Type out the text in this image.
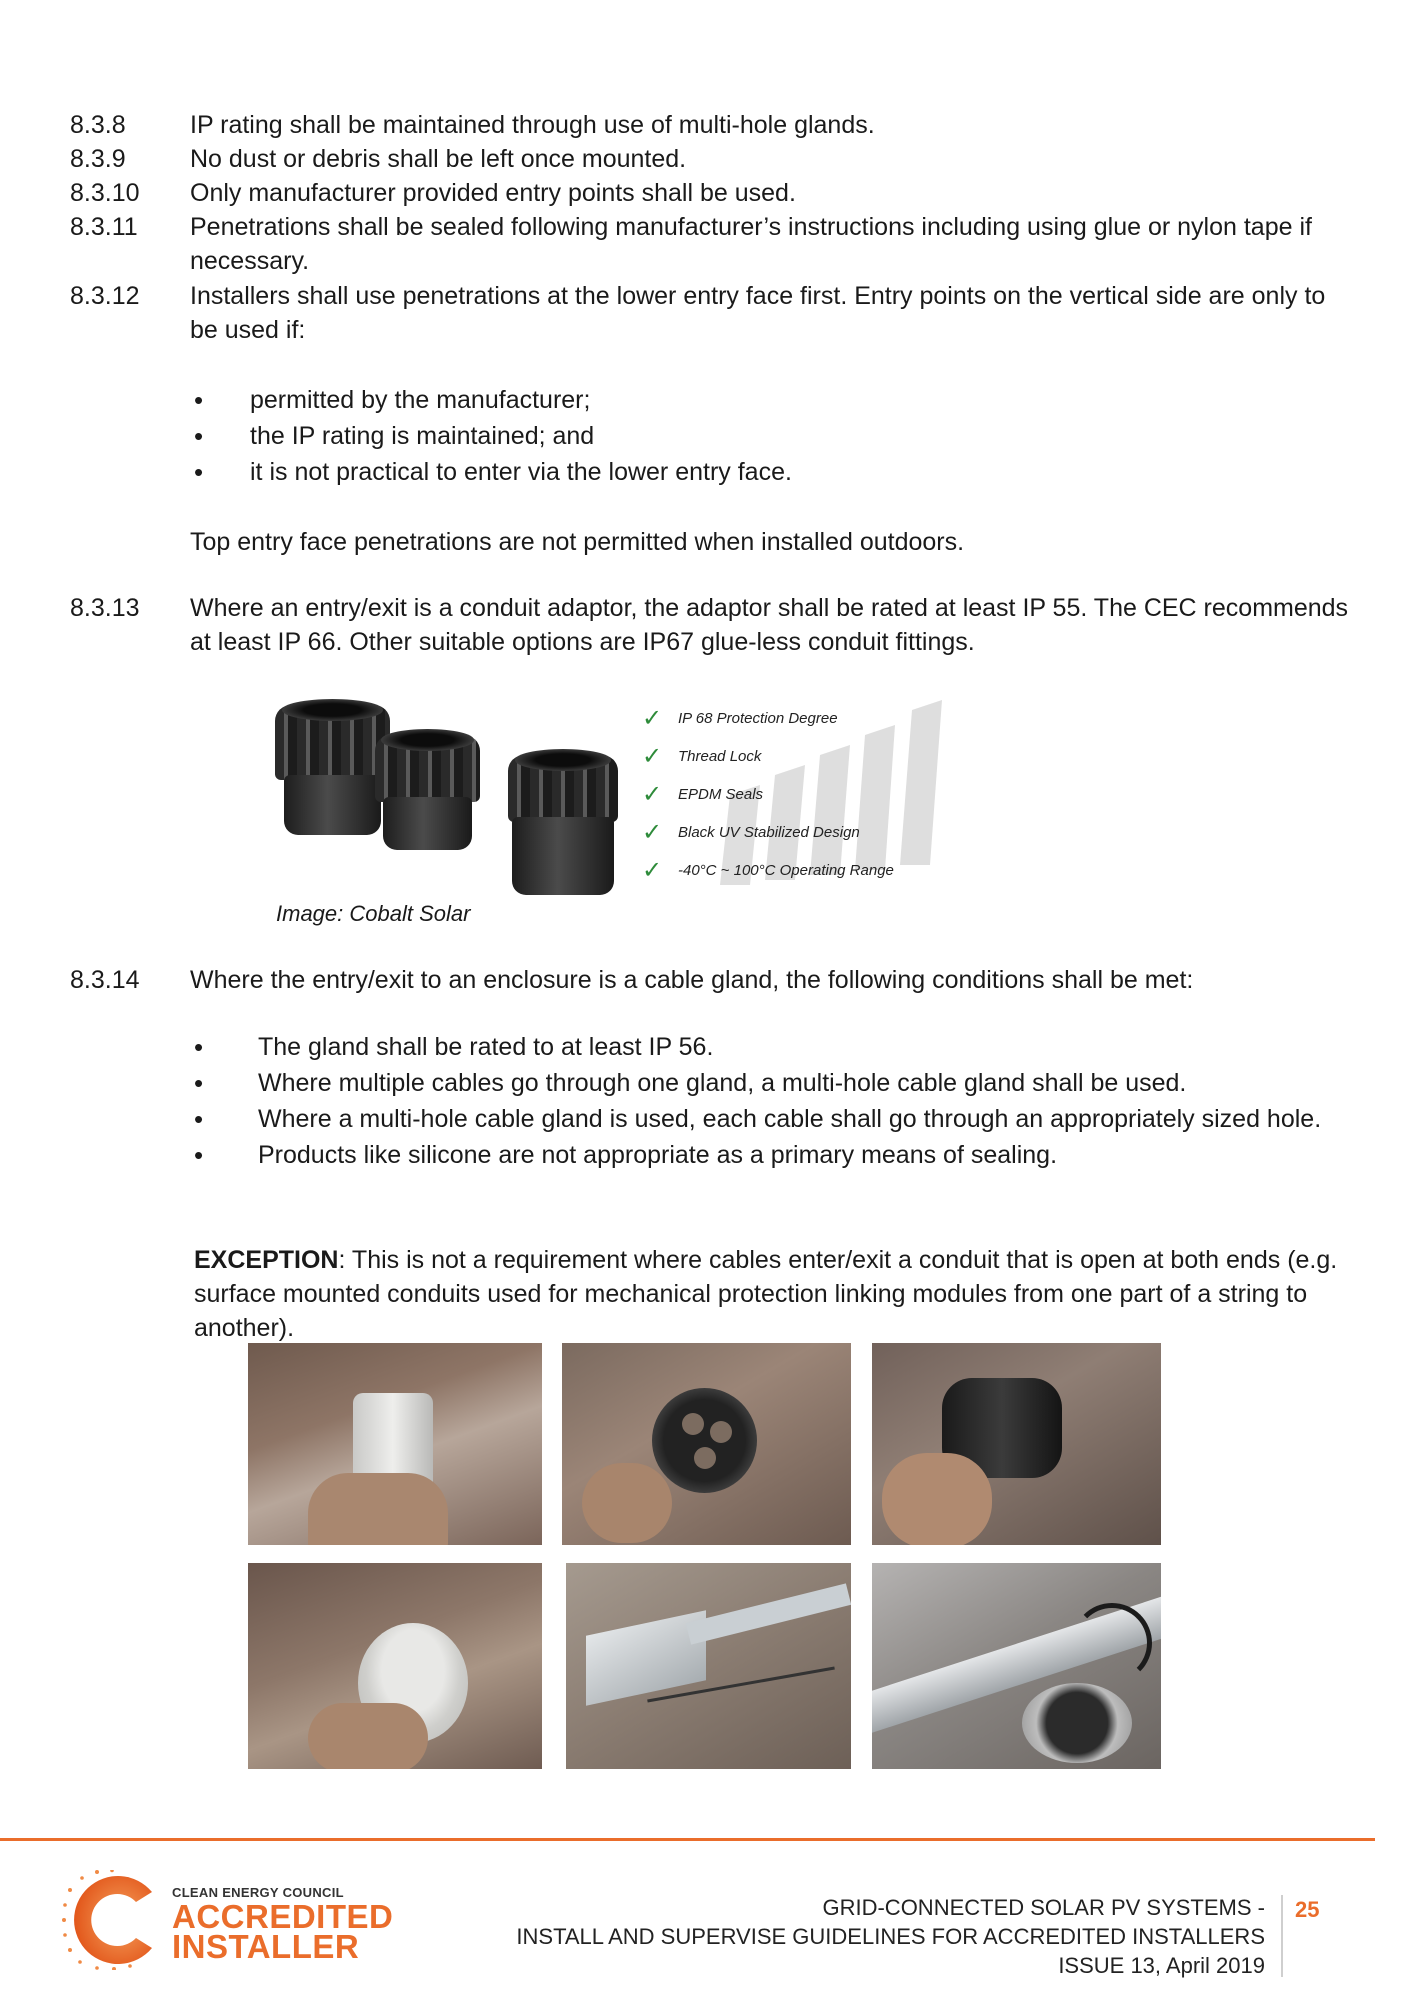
8.3.8	IP rating shall be maintained through use of multi-hole glands.
8.3.9	No dust or debris shall be left once mounted.
8.3.10	Only manufacturer provided entry points shall be used.
8.3.11	Penetrations shall be sealed following manufacturer’s instructions including using glue or nylon tape if necessary.
8.3.12	Installers shall use penetrations at the lower entry face first. Entry points on the vertical side are only to be used if:
• permitted by the manufacturer;
• the IP rating is maintained; and
• it is not practical to enter via the lower entry face.
Top entry face penetrations are not permitted when installed outdoors.
8.3.13	Where an entry/exit is a conduit adaptor, the adaptor shall be rated at least IP 55. The CEC recommends at least IP 66. Other suitable options are IP67 glue-less conduit fittings.
✓ IP 68 Protection Degree
✓ Thread Lock
✓ EPDM Seals
✓ Black UV Stabilized Design
✓ -40°C ~ 100°C Operating Range
Image: Cobalt Solar
8.3.14	Where the entry/exit to an enclosure is a cable gland, the following conditions shall be met:
• The gland shall be rated to at least IP 56.
• Where multiple cables go through one gland, a multi-hole cable gland shall be used.
• Where a multi-hole cable gland is used, each cable shall go through an appropriately sized hole.
• Products like silicone are not appropriate as a primary means of sealing.
EXCEPTION: This is not a requirement where cables enter/exit a conduit that is open at both ends (e.g. surface mounted conduits used for mechanical protection linking modules from one part of a string to another).
CLEAN ENERGY COUNCIL
ACCREDITED
INSTALLER
GRID-CONNECTED SOLAR PV SYSTEMS -
INSTALL AND SUPERVISE GUIDELINES FOR ACCREDITED INSTALLERS
ISSUE 13, April 2019
25
